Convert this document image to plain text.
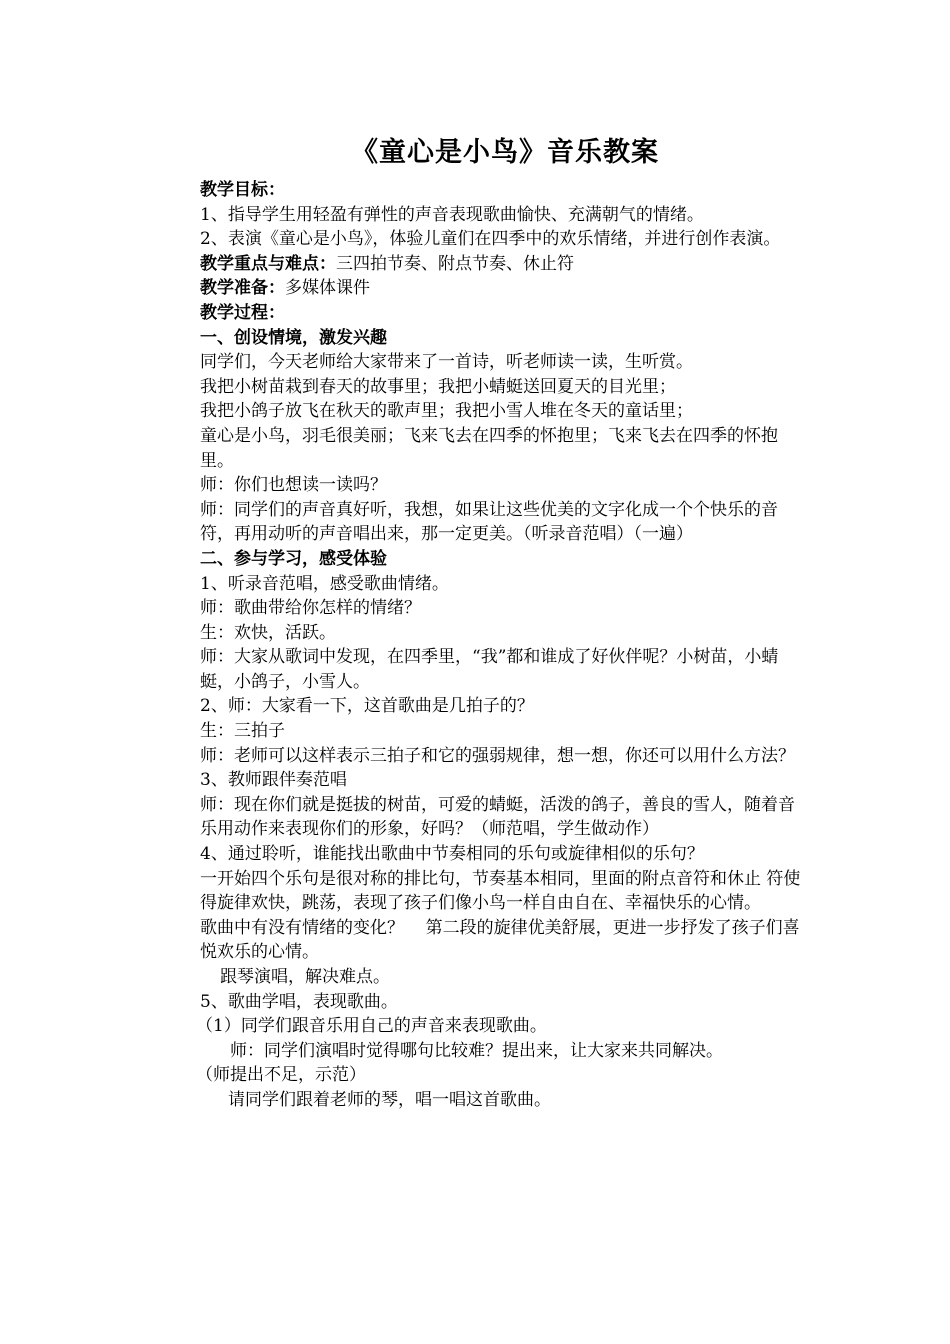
《童心是小鸟》音乐教案

教学目标：

1、指导学生用轻盈有弹性的声音表现歌曲愉快、充满朝气的情绪。

2、表演《童心是小鸟》，体验儿童们在四季中的欢乐情绪，并进行创作表演。

教学重点与难点：三四拍节奏、附点节奏、休止符

教学准备：多媒体课件

教学过程：

一、创设情境，激发兴趣

同学们，今天老师给大家带来了一首诗，听老师读一读，生听赏。

我把小树苗栽到春天的故事里；我把小蜻蜓送回夏天的目光里；

我把小鸽子放飞在秋天的歌声里；我把小雪人堆在冬天的童话里；

童心是小鸟，羽毛很美丽；飞来飞去在四季的怀抱里；飞来飞去在四季的怀抱里。

师：你们也想读一读吗？

师：同学们的声音真好听，我想，如果让这些优美的文字化成一个个快乐的音符，再用动听的声音唱出来，那一定更美。（听录音范唱）（一遍）

二、参与学习，感受体验

1、听录音范唱，感受歌曲情绪。

师：歌曲带给你怎样的情绪？

生：欢快，活跃。

师：大家从歌词中发现，在四季里，“我”都和谁成了好伙伴呢？小树苗，小蜻蜓，小鸽子，小雪人。

2、师：大家看一下，这首歌曲是几拍子的？

生：三拍子

师：老师可以这样表示三拍子和它的强弱规律，想一想，你还可以用什么方法？  3、教师跟伴奏范唱

师：现在你们就是挺拔的树苗，可爱的蜻蜓，活泼的鸽子，善良的雪人，随着音乐用动作来表现你们的形象，好吗？（师范唱，学生做动作）

4、通过聆听，谁能找出歌曲中节奏相同的乐句或旋律相似的乐句？

一开始四个乐句是很对称的排比句，节奏基本相同，里面的附点音符和休止 符使得旋律欢快，跳荡，表现了孩子们像小鸟一样自由自在、幸福快乐的心情。

歌曲中有没有情绪的变化？    第二段的旋律优美舒展，更进一步抒发了孩子们喜悦欢乐的心情。

跟琴演唱，解决难点。

5、歌曲学唱，表现歌曲。

（1）同学们跟音乐用自己的声音来表现歌曲。

师：同学们演唱时觉得哪句比较难？提出来，让大家来共同解决。

（师提出不足，示范）

请同学们跟着老师的琴，唱一唱这首歌曲。
